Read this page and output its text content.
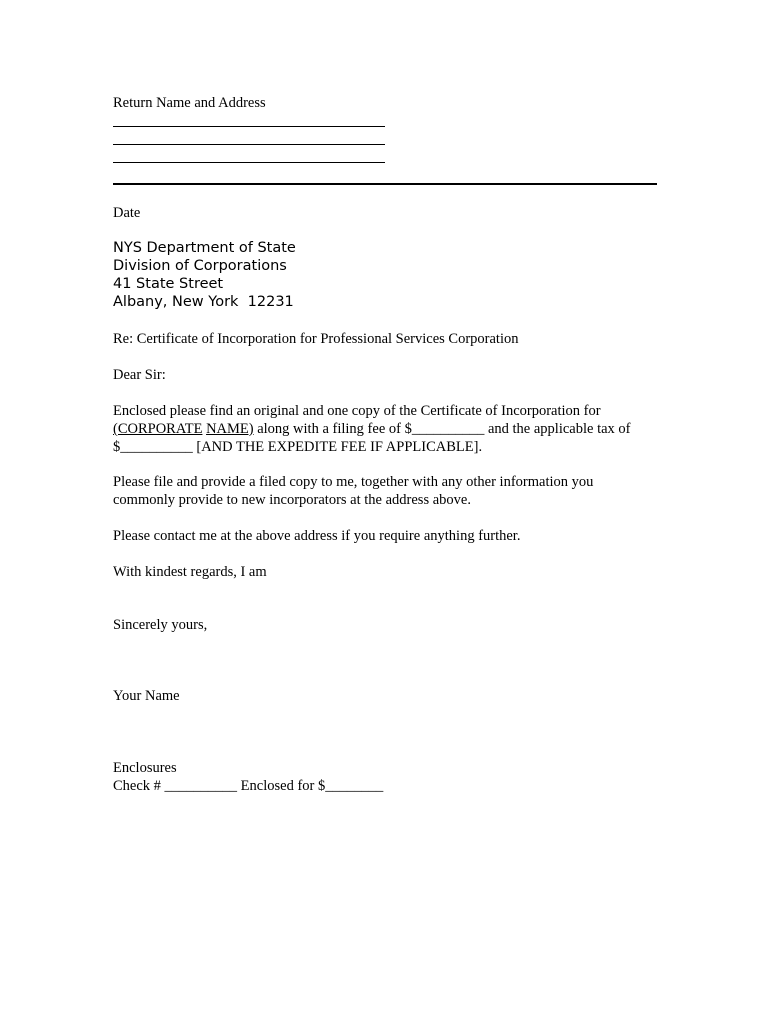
Return Name and Address

Date

NYS Department of State
Division of Corporations
41 State Street
Albany, New York  12231

Re: Certificate of Incorporation for Professional Services Corporation

Dear Sir:

Enclosed please find an original and one copy of the Certificate of Incorporation for
(CORPORATE NAME) along with a filing fee of $__________ and the applicable tax of
$__________ [AND THE EXPEDITE FEE IF APPLICABLE].
Please file and provide a filed copy to me, together with any other information you
commonly provide to new incorporators at the address above.

Please contact me at the above address if you require anything further.

With kindest regards, I am

Sincerely yours,

Your Name

Enclosures
Check # __________ Enclosed for $________
